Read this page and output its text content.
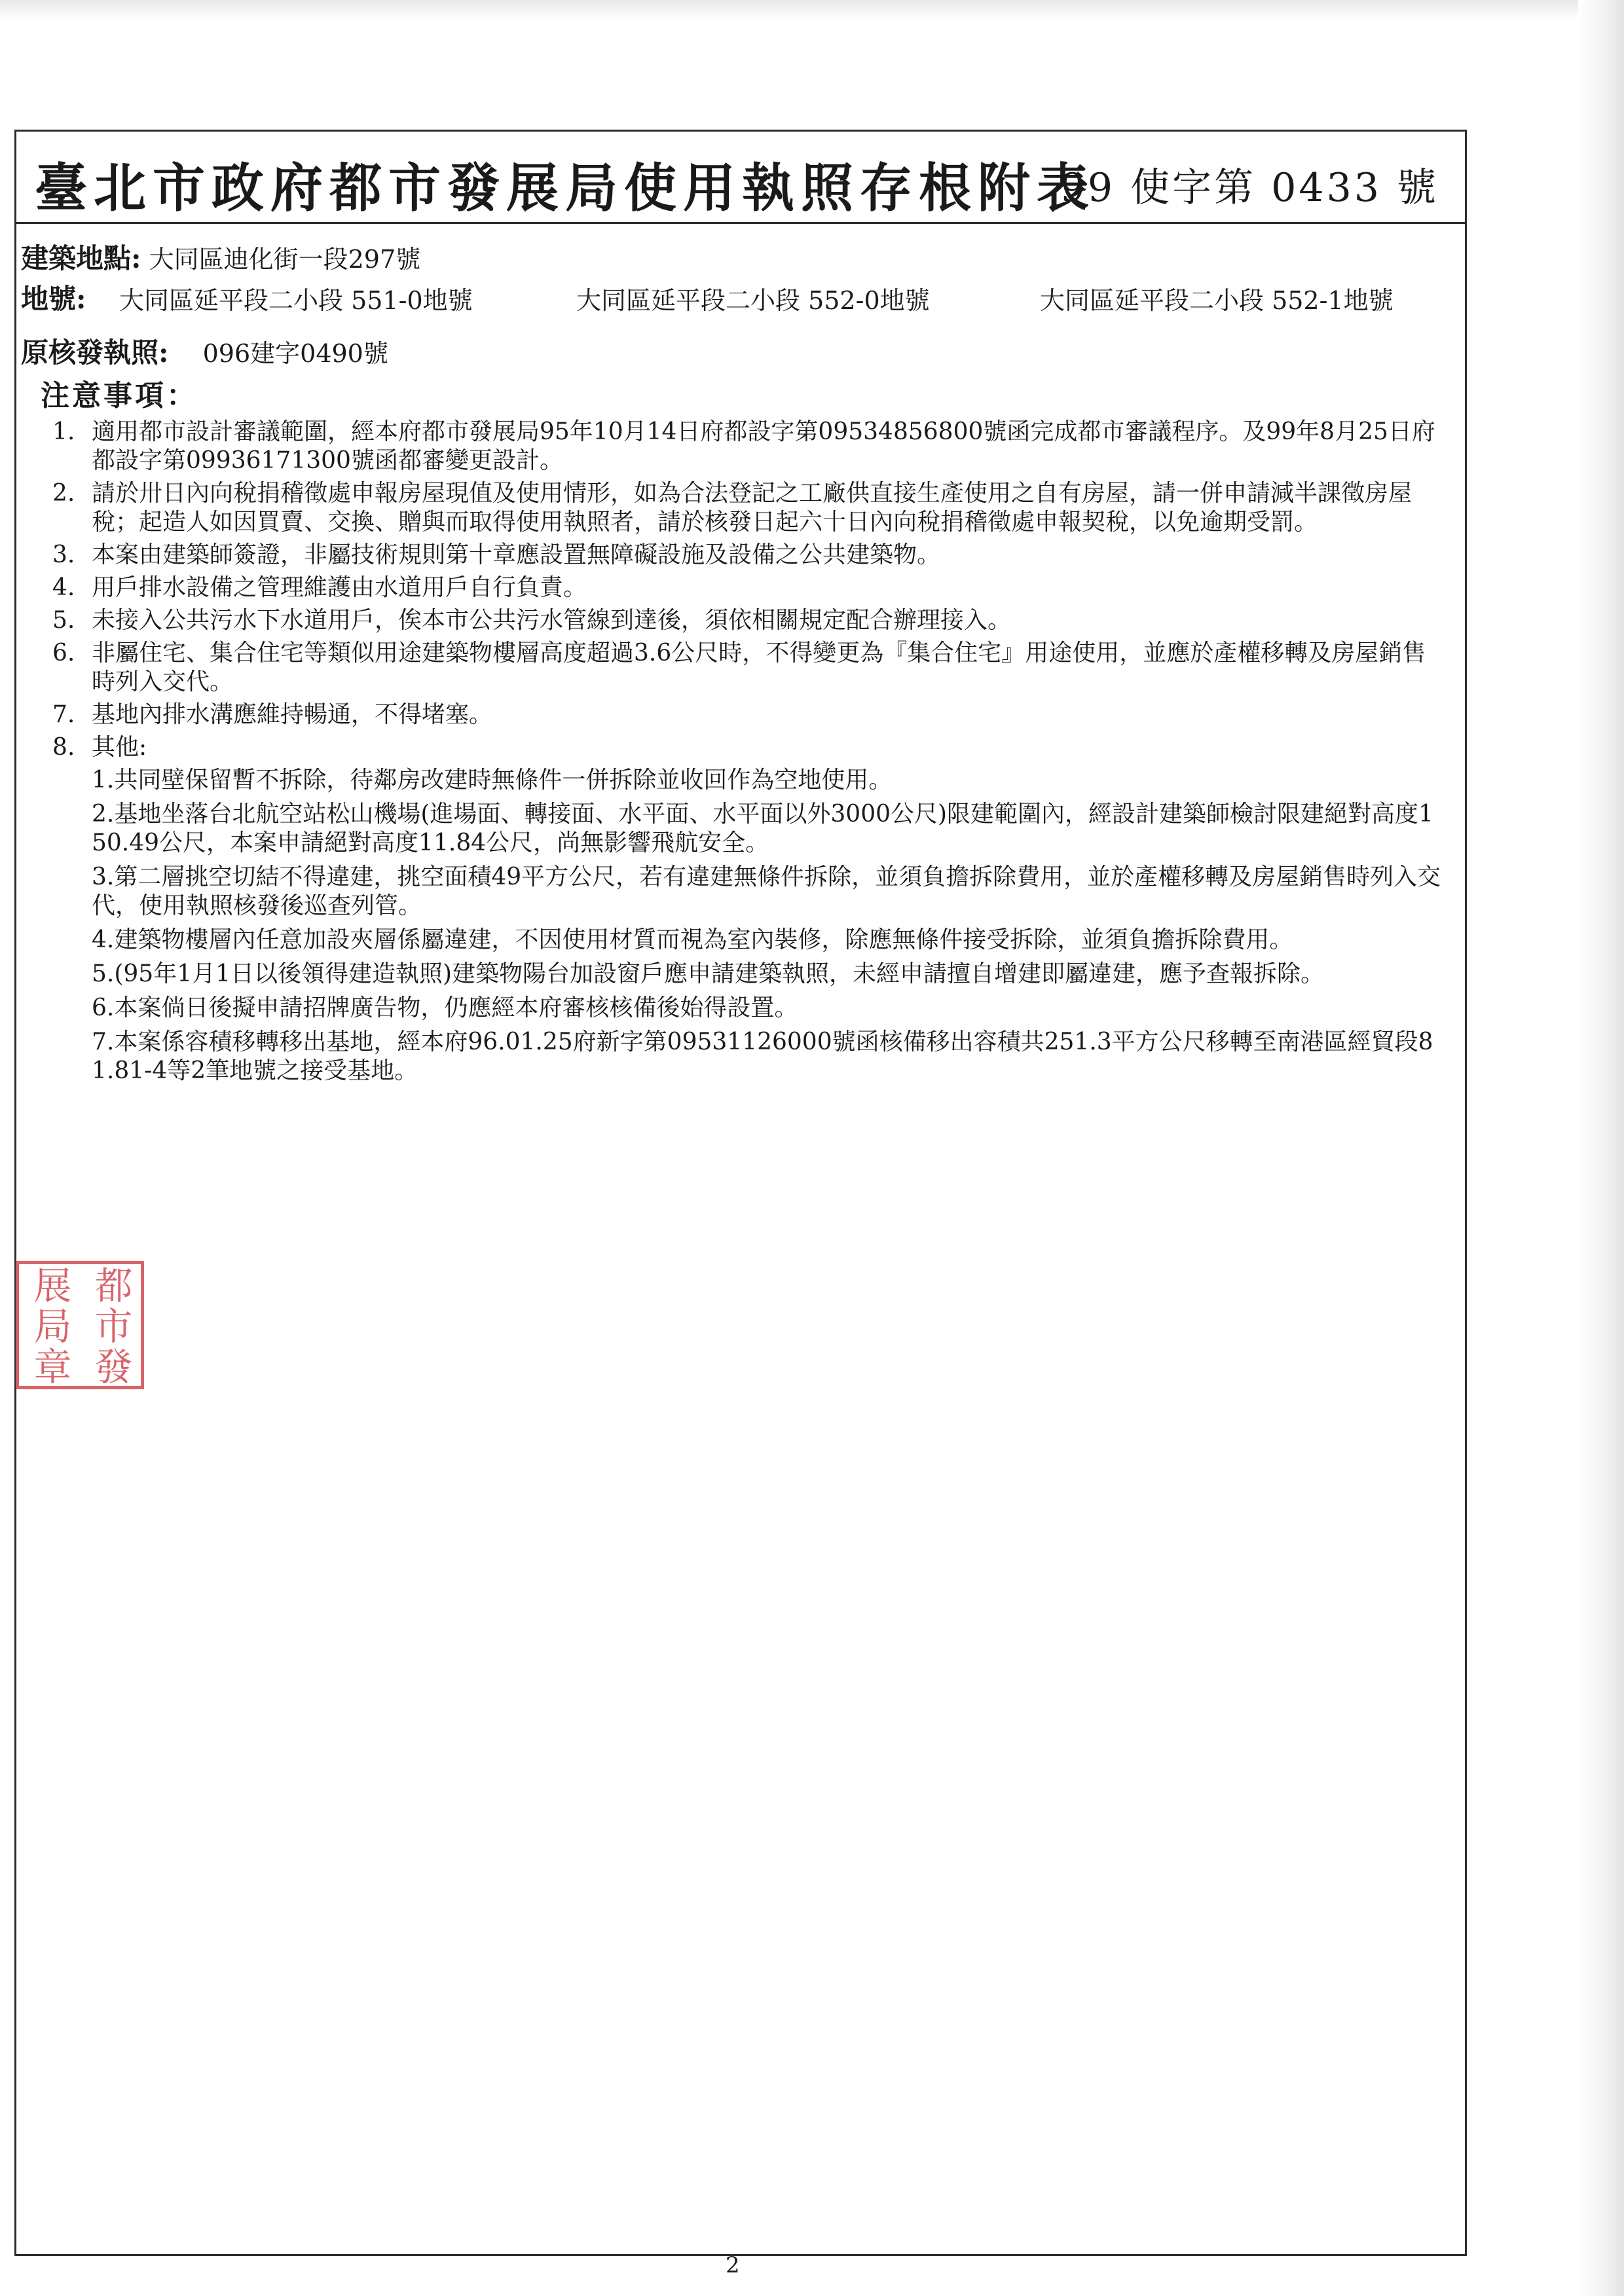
臺北市政府都市發展局使用執照存根附表
99 使字第 0433 號
建築地點: 大同區迪化街一段297號
地號: 大同區延平段二小段 551-0地號	大同區延平段二小段 552-0地號	大同區延平段二小段 552-1地號
原核發執照: 096建字0490號
注意事項：
1. 適用都市設計審議範圍，經本府都市發展局95年10月14日府都設字第09534856800號函完成都市審議程序。及99年8月25日府都設字第09936171300號函都審變更設計。
2. 請於卅日內向稅捐稽徵處申報房屋現值及使用情形，如為合法登記之工廠供直接生產使用之自有房屋，請一併申請減半課徵房屋稅；起造人如因買賣、交換、贈與而取得使用執照者，請於核發日起六十日內向稅捐稽徵處申報契稅，以免逾期受罰。
3. 本案由建築師簽證，非屬技術規則第十章應設置無障礙設施及設備之公共建築物。
4. 用戶排水設備之管理維護由水道用戶自行負責。
5. 未接入公共污水下水道用戶，俟本市公共污水管線到達後，須依相關規定配合辦理接入。
6. 非屬住宅、集合住宅等類似用途建築物樓層高度超過3.6公尺時，不得變更為『集合住宅』用途使用，並應於產權移轉及房屋銷售時列入交代。
7. 基地內排水溝應維持暢通，不得堵塞。
8. 其他:
1.共同壁保留暫不拆除，待鄰房改建時無條件一併拆除並收回作為空地使用。
2.基地坐落台北航空站松山機場(進場面、轉接面、水平面、水平面以外3000公尺)限建範圍內，經設計建築師檢討限建絕對高度150.49公尺，本案申請絕對高度11.84公尺，尚無影響飛航安全。
3.第二層挑空切結不得違建，挑空面積49平方公尺，若有違建無條件拆除，並須負擔拆除費用，並於產權移轉及房屋銷售時列入交代，使用執照核發後巡查列管。
4.建築物樓層內任意加設夾層係屬違建，不因使用材質而視為室內裝修，除應無條件接受拆除，並須負擔拆除費用。
5.(95年1月1日以後領得建造執照)建築物陽台加設窗戶應申請建築執照，未經申請擅自增建即屬違建，應予查報拆除。
6.本案倘日後擬申請招牌廣告物，仍應經本府審核核備後始得設置。
7.本案係容積移轉移出基地，經本府96.01.25府新字第09531126000號函核備移出容積共251.3平方公尺移轉至南港區經貿段81.81-4等2筆地號之接受基地。
都
市
發
展
局
章
2
